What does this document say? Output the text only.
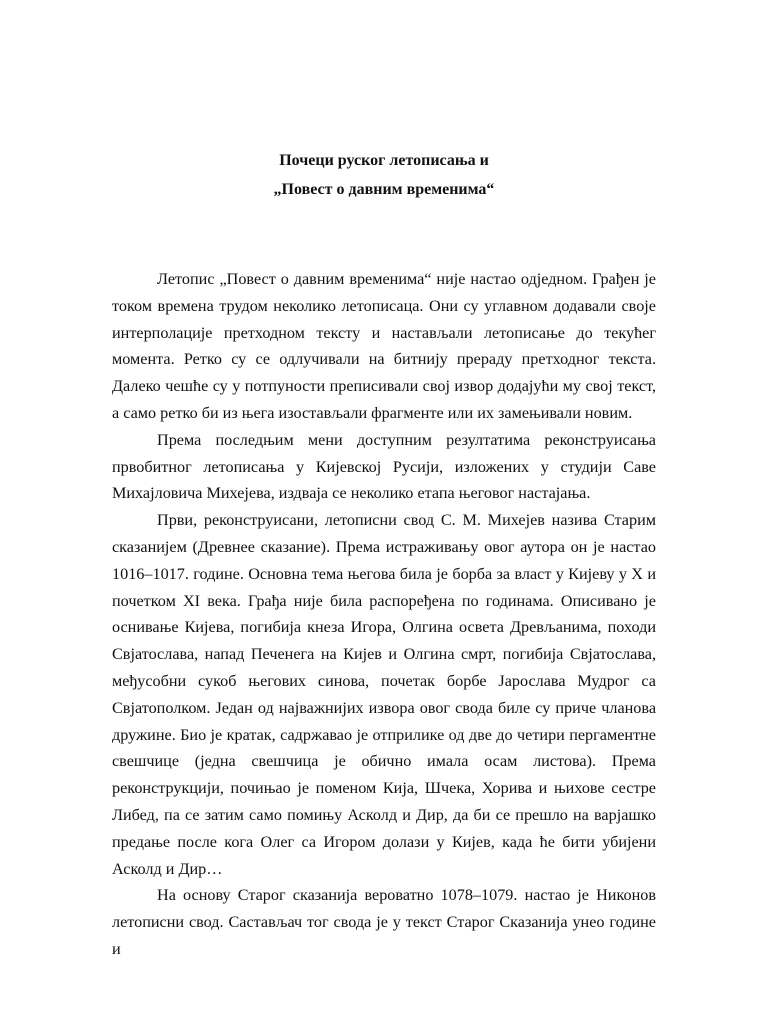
Почеци руског летописања и
„Повест о давним временима“

Летопис „Повест о давним временима“ није настао одједном. Грађен је током времена трудом неколико летописаца. Они су углавном додавали своје интерполације претходном тексту и настављали летописање до текућег момента. Ретко су се одлучивали на битнију прераду претходног текста. Далеко чешће су у потпуности преписивали свој извор додајући му свој текст, а само ретко би из њега изостављали фрагменте или их замењивали новим.

Према последњим мени доступним резултатима реконструисања првобитног летописања у Кијевској Русији, изложених у студији Саве Михајловича Михејева, издваја се неколико етапа његовог настајања.

Први, реконструисани, летописни свод С. М. Михејев назива Старим сказанијем (Древнее сказание). Према истраживању овог аутора он је настао 1016–1017. године. Основна тема његова била је борба за власт у Кијеву у X и почетком XI века. Грађа није била распоређена по годинама. Описивано је оснивање Кијева, погибија кнеза Игора, Олгина освета Древљанима, походи Свјатослава, напад Печенега на Кијев и Олгина смрт, погибија Свјатослава, међусобни сукоб његових синова, почетак борбе Јарослава Мудрог са Свјатополком. Један од најважнијих извора овог свода биле су приче чланова дружине. Био је кратак, садржавао је отприлике од две до четири пергаментне свешчице (једна свешчица је обично имала осам листова). Према реконструкцији, почињао је поменом Кија, Шчека, Хорива и њихове сестре Либед, па се затим само помињу Асколд и Дир, да би се прешло на варјашко предање после кога Олег са Игором долази у Кијев, када ће бити убијени Асколд и Дир…

На основу Старог сказанија вероватно 1078–1079. настао је Никонов летописни свод. Састављач тог свода је у текст Старог Сказанија унео године и
